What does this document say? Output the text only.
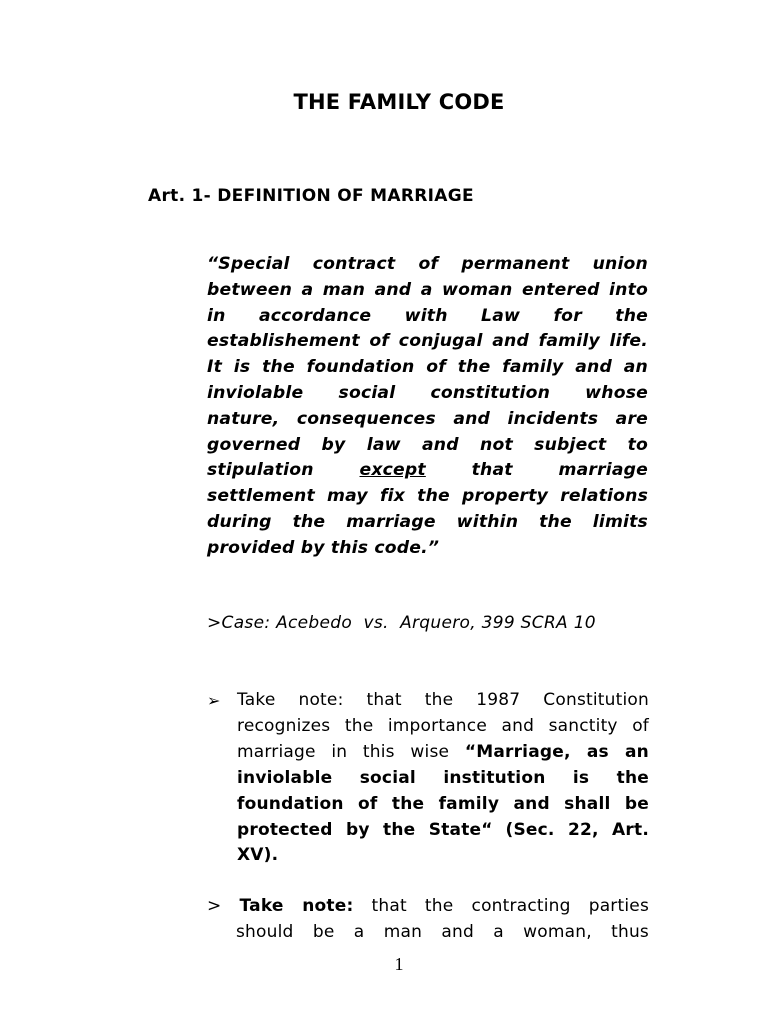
THE FAMILY CODE
Art. 1- DEFINITION OF MARRIAGE
“Special contract of permanent union
between a man and a woman entered into
in accordance with Law for the
establishement of conjugal and family life.
It is the foundation of the family and an
inviolable social constitution whose
nature, consequences and incidents are
governed by law and not subject to
stipulation	except	that marriage
settlement may fix the property relations
during the marriage within the limits
provided by this code.”
>Case: Acebedo  vs.  Arquero, 399 SCRA 10
➢ Take note: that the 1987 Constitution
recognizes the importance and sanctity of
marriage in this wise “Marriage, as an
inviolable social institution is the
foundation of the family and shall be
protected by the State“ (Sec. 22, Art.
XV).
> Take note: that the contracting parties
should be a man and a woman, thus
1
